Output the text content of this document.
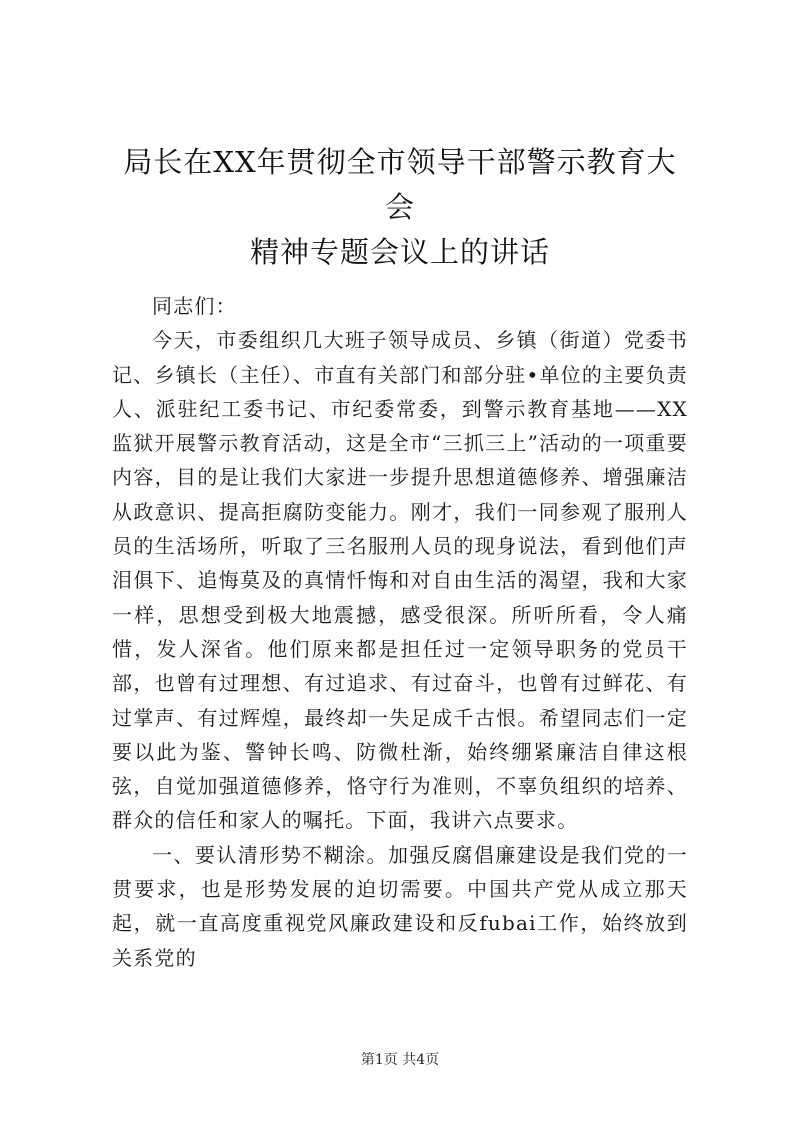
局长在XX年贯彻全市领导干部警示教育大会
精神专题会议上的讲话

同志们：

今天，市委组织几大班子领导成员、乡镇（街道）党委书记、乡镇长（主任）、市直有关部门和部分驻•单位的主要负责人、派驻纪工委书记、市纪委常委，到警示教育基地——XX监狱开展警示教育活动，这是全市“三抓三上”活动的一项重要内容，目的是让我们大家进一步提升思想道德修养、增强廉洁从政意识、提高拒腐防变能力。刚才，我们一同参观了服刑人员的生活场所，听取了三名服刑人员的现身说法，看到他们声泪俱下、追悔莫及的真情忏悔和对自由生活的渴望，我和大家一样，思想受到极大地震撼，感受很深。所听所看，令人痛惜，发人深省。他们原来都是担任过一定领导职务的党员干部，也曾有过理想、有过追求、有过奋斗，也曾有过鲜花、有过掌声、有过辉煌，最终却一失足成千古恨。希望同志们一定要以此为鉴、警钟长鸣、防微杜渐，始终绷紧廉洁自律这根弦，自觉加强道德修养，恪守行为准则，不辜负组织的培养、群众的信任和家人的嘱托。下面，我讲六点要求。

一、要认清形势不糊涂。加强反腐倡廉建设是我们党的一贯要求，也是形势发展的迫切需要。中国共产党从成立那天起，就一直高度重视党风廉政建设和反fubai工作，始终放到关系党的

第1页 共4页
